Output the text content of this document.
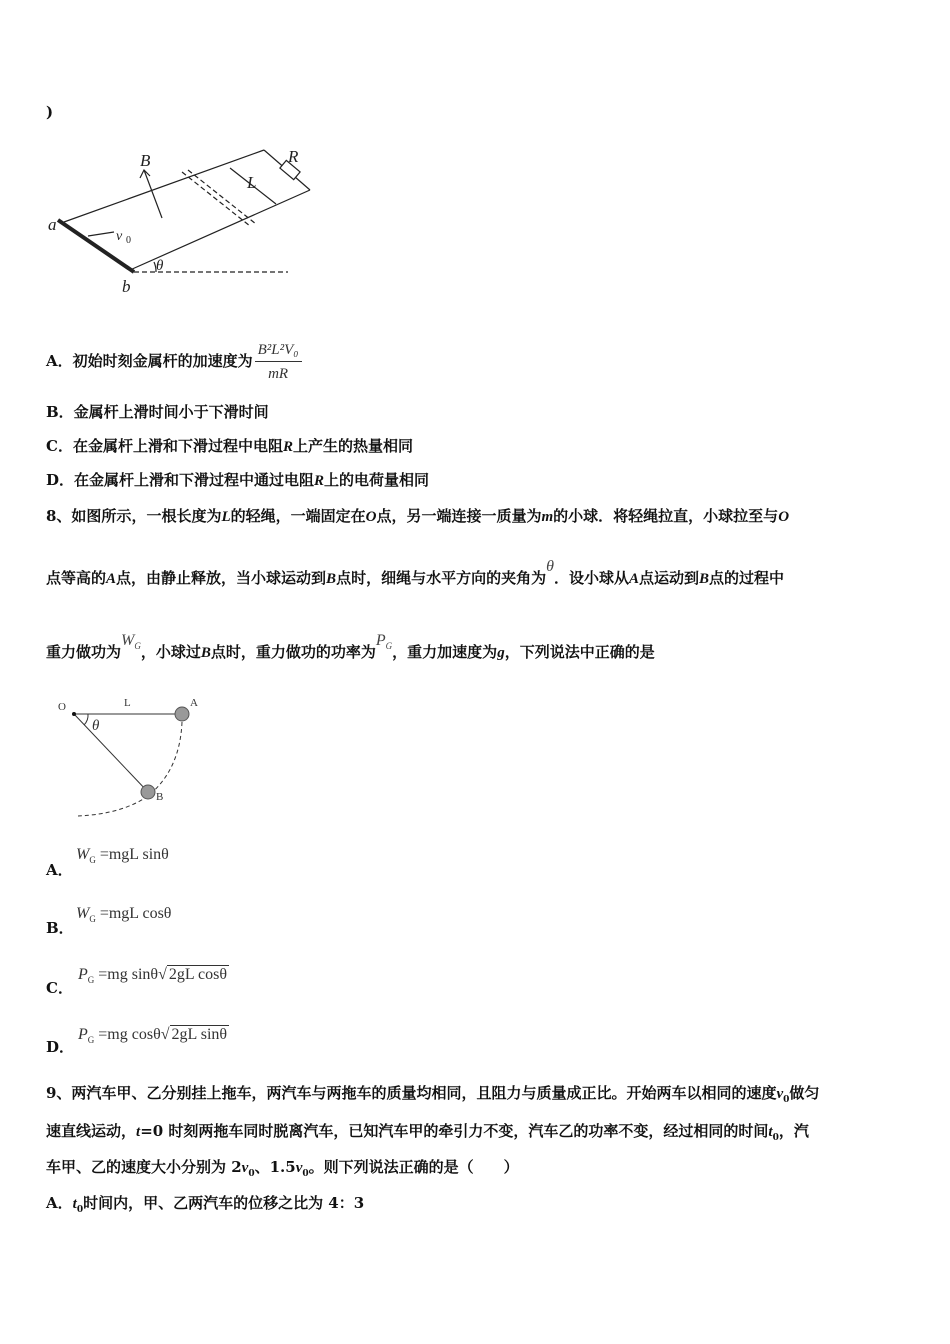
)
B	R
L
a
b
v 0
θ
A．初始时刻金属杆的加速度为 $\frac{\text{B²L²V₀}}{mR}$
B．金属杆上滑时间小于下滑时间
C．在金属杆上滑和下滑过程中电阻R上产生的热量相同
D．在金属杆上滑和下滑过程中通过电阻R上的电荷量相同
8、如图所示，一根长度为L的轻绳，一端固定在O点，另一端连接一质量为m的小球．将轻绳拉直，小球拉至与O
点等高的A点，由静止释放，当小球运动到B点时，细绳与水平方向的夹角为θ．设小球从A点运动到B点的过程中
重力做功为$W_G$，小球过B点时，重力做功的功率为$P_G$，重力加速度为g，下列说法中正确的是
O	L	A
B
θ
A．
$W_G =mgL$ sinθ
B．
$W_G =mgL$ cosθ
C．
$P_G =mg$ sinθ√ 2gL cosθ
D．
$P_G =mg$ cosθ√ 2gL sinθ
9、两汽车甲、乙分别挂上拖车，两汽车与两拖车的质量均相同，且阻力与质量成正比。开始两车以相同的速度$v_0$做匀
速直线运动，t=0 时刻两拖车同时脱离汽车，已知汽车甲的牵引力不变，汽车乙的功率不变，经过相同的时间$t_0$，汽
车甲、乙的速度大小分别为 $2v_0$、$1.5v_0$。则下列说法正确的是（　　）
A．$t_0$时间内，甲、乙两汽车的位移之比为 4：3
